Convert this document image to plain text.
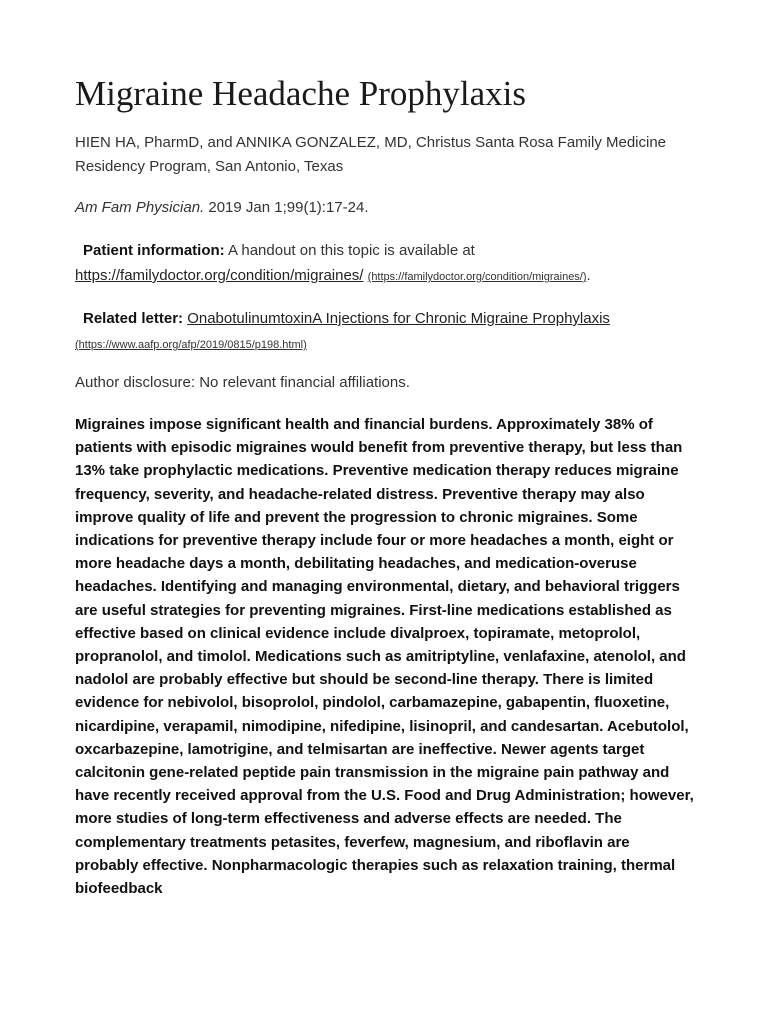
Migraine Headache Prophylaxis
HIEN HA, PharmD, and ANNIKA GONZALEZ, MD, Christus Santa Rosa Family Medicine Residency Program, San Antonio, Texas
Am Fam Physician. 2019 Jan 1;99(1):17-24.
Patient information: A handout on this topic is available at
https://familydoctor.org/condition/migraines/ (https://familydoctor.org/condition/migraines/).
Related letter: OnabotulinumtoxinA Injections for Chronic Migraine Prophylaxis
(https://www.aafp.org/afp/2019/0815/p198.html)
Author disclosure: No relevant financial affiliations.

Migraines impose significant health and financial burdens. Approximately 38% of patients with episodic migraines would benefit from preventive therapy, but less than 13% take prophylactic medications. Preventive medication therapy reduces migraine frequency, severity, and headache-related distress. Preventive therapy may also improve quality of life and prevent the progression to chronic migraines. Some indications for preventive therapy include four or more headaches a month, eight or more headache days a month, debilitating headaches, and medication-overuse headaches. Identifying and managing environmental, dietary, and behavioral triggers are useful strategies for preventing migraines. First-line medications established as effective based on clinical evidence include divalproex, topiramate, metoprolol, propranolol, and timolol. Medications such as amitriptyline, venlafaxine, atenolol, and nadolol are probably effective but should be second-line therapy. There is limited evidence for nebivolol, bisoprolol, pindolol, carbamazepine, gabapentin, fluoxetine, nicardipine, verapamil, nimodipine, nifedipine, lisinopril, and candesartan. Acebutolol, oxcarbazepine, lamotrigine, and telmisartan are ineffective. Newer agents target calcitonin gene-related peptide pain transmission in the migraine pain pathway and have recently received approval from the U.S. Food and Drug Administration; however, more studies of long-term effectiveness and adverse effects are needed. The complementary treatments petasites, feverfew, magnesium, and riboflavin are probably effective. Nonpharmacologic therapies such as relaxation training, thermal biofeedback
